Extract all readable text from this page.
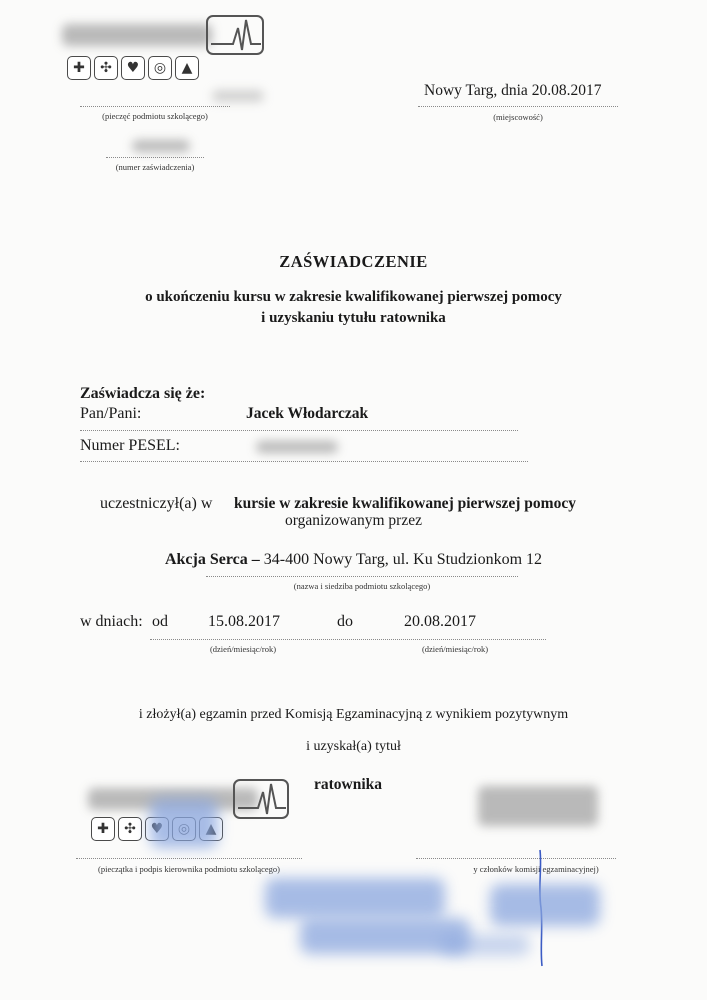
✚	✣	♥	◎	▲
(pieczęć podmiotu szkolącego)
Nowy Targ, dnia 20.08.2017
(miejscowość)
(numer zaświadczenia)
ZAŚWIADCZENIE
o ukończeniu kursu w zakresie kwalifikowanej pierwszej pomocy
i uzyskaniu tytułu ratownika
Zaświadcza się że:
Pan/Pani:	Jacek Włodarczak
Numer PESEL:
uczestniczył(a) w kursie w zakresie kwalifikowanej pierwszej pomocy
organizowanym przez
Akcja Serca – 34-400 Nowy Targ, ul. Ku Studzionkom 12
(nazwa i siedziba podmiotu szkolącego)
w dniach: od	15.08.2017	do	20.08.2017
(dzień/miesiąc/rok)	(dzień/miesiąc/rok)
i złożył(a) egzamin przed Komisją Egzaminacyjną z wynikiem pozytywnym
i uzyskał(a) tytuł
ratownika
✚	✣
(pieczątka i podpis kierownika podmiotu szkolącego)	y członków komisji egzaminacyjnej)
